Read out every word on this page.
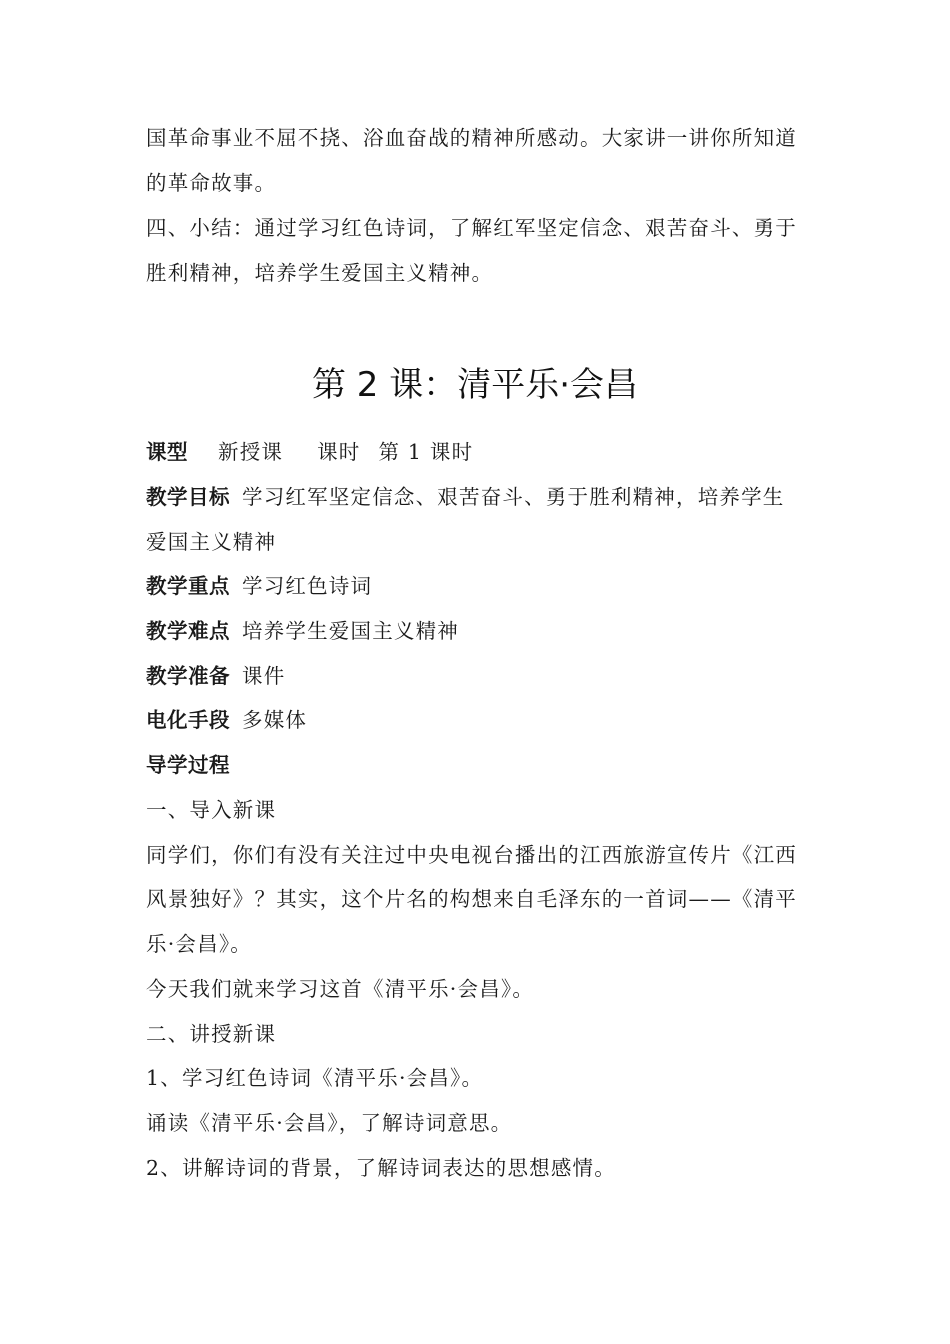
国革命事业不屈不挠、浴血奋战的精神所感动。大家讲一讲你所知道
的革命故事。
四、小结：通过学习红色诗词，了解红军坚定信念、艰苦奋斗、勇于
胜利精神，培养学生爱国主义精神。
第 2 课：清平乐·会昌
课型 新授课 课时 第 1 课时
教学目标 学习红军坚定信念、艰苦奋斗、勇于胜利精神，培养学生
爱国主义精神
教学重点 学习红色诗词
教学难点 培养学生爱国主义精神
教学准备 课件
电化手段 多媒体
导学过程
一、导入新课
同学们，你们有没有关注过中央电视台播出的江西旅游宣传片《江西
风景独好》？其实，这个片名的构想来自毛泽东的一首词——《清平
乐·会昌》。
今天我们就来学习这首《清平乐·会昌》。
二、讲授新课
1、学习红色诗词《清平乐·会昌》。
诵读《清平乐·会昌》，了解诗词意思。
2、讲解诗词的背景，了解诗词表达的思想感情。
